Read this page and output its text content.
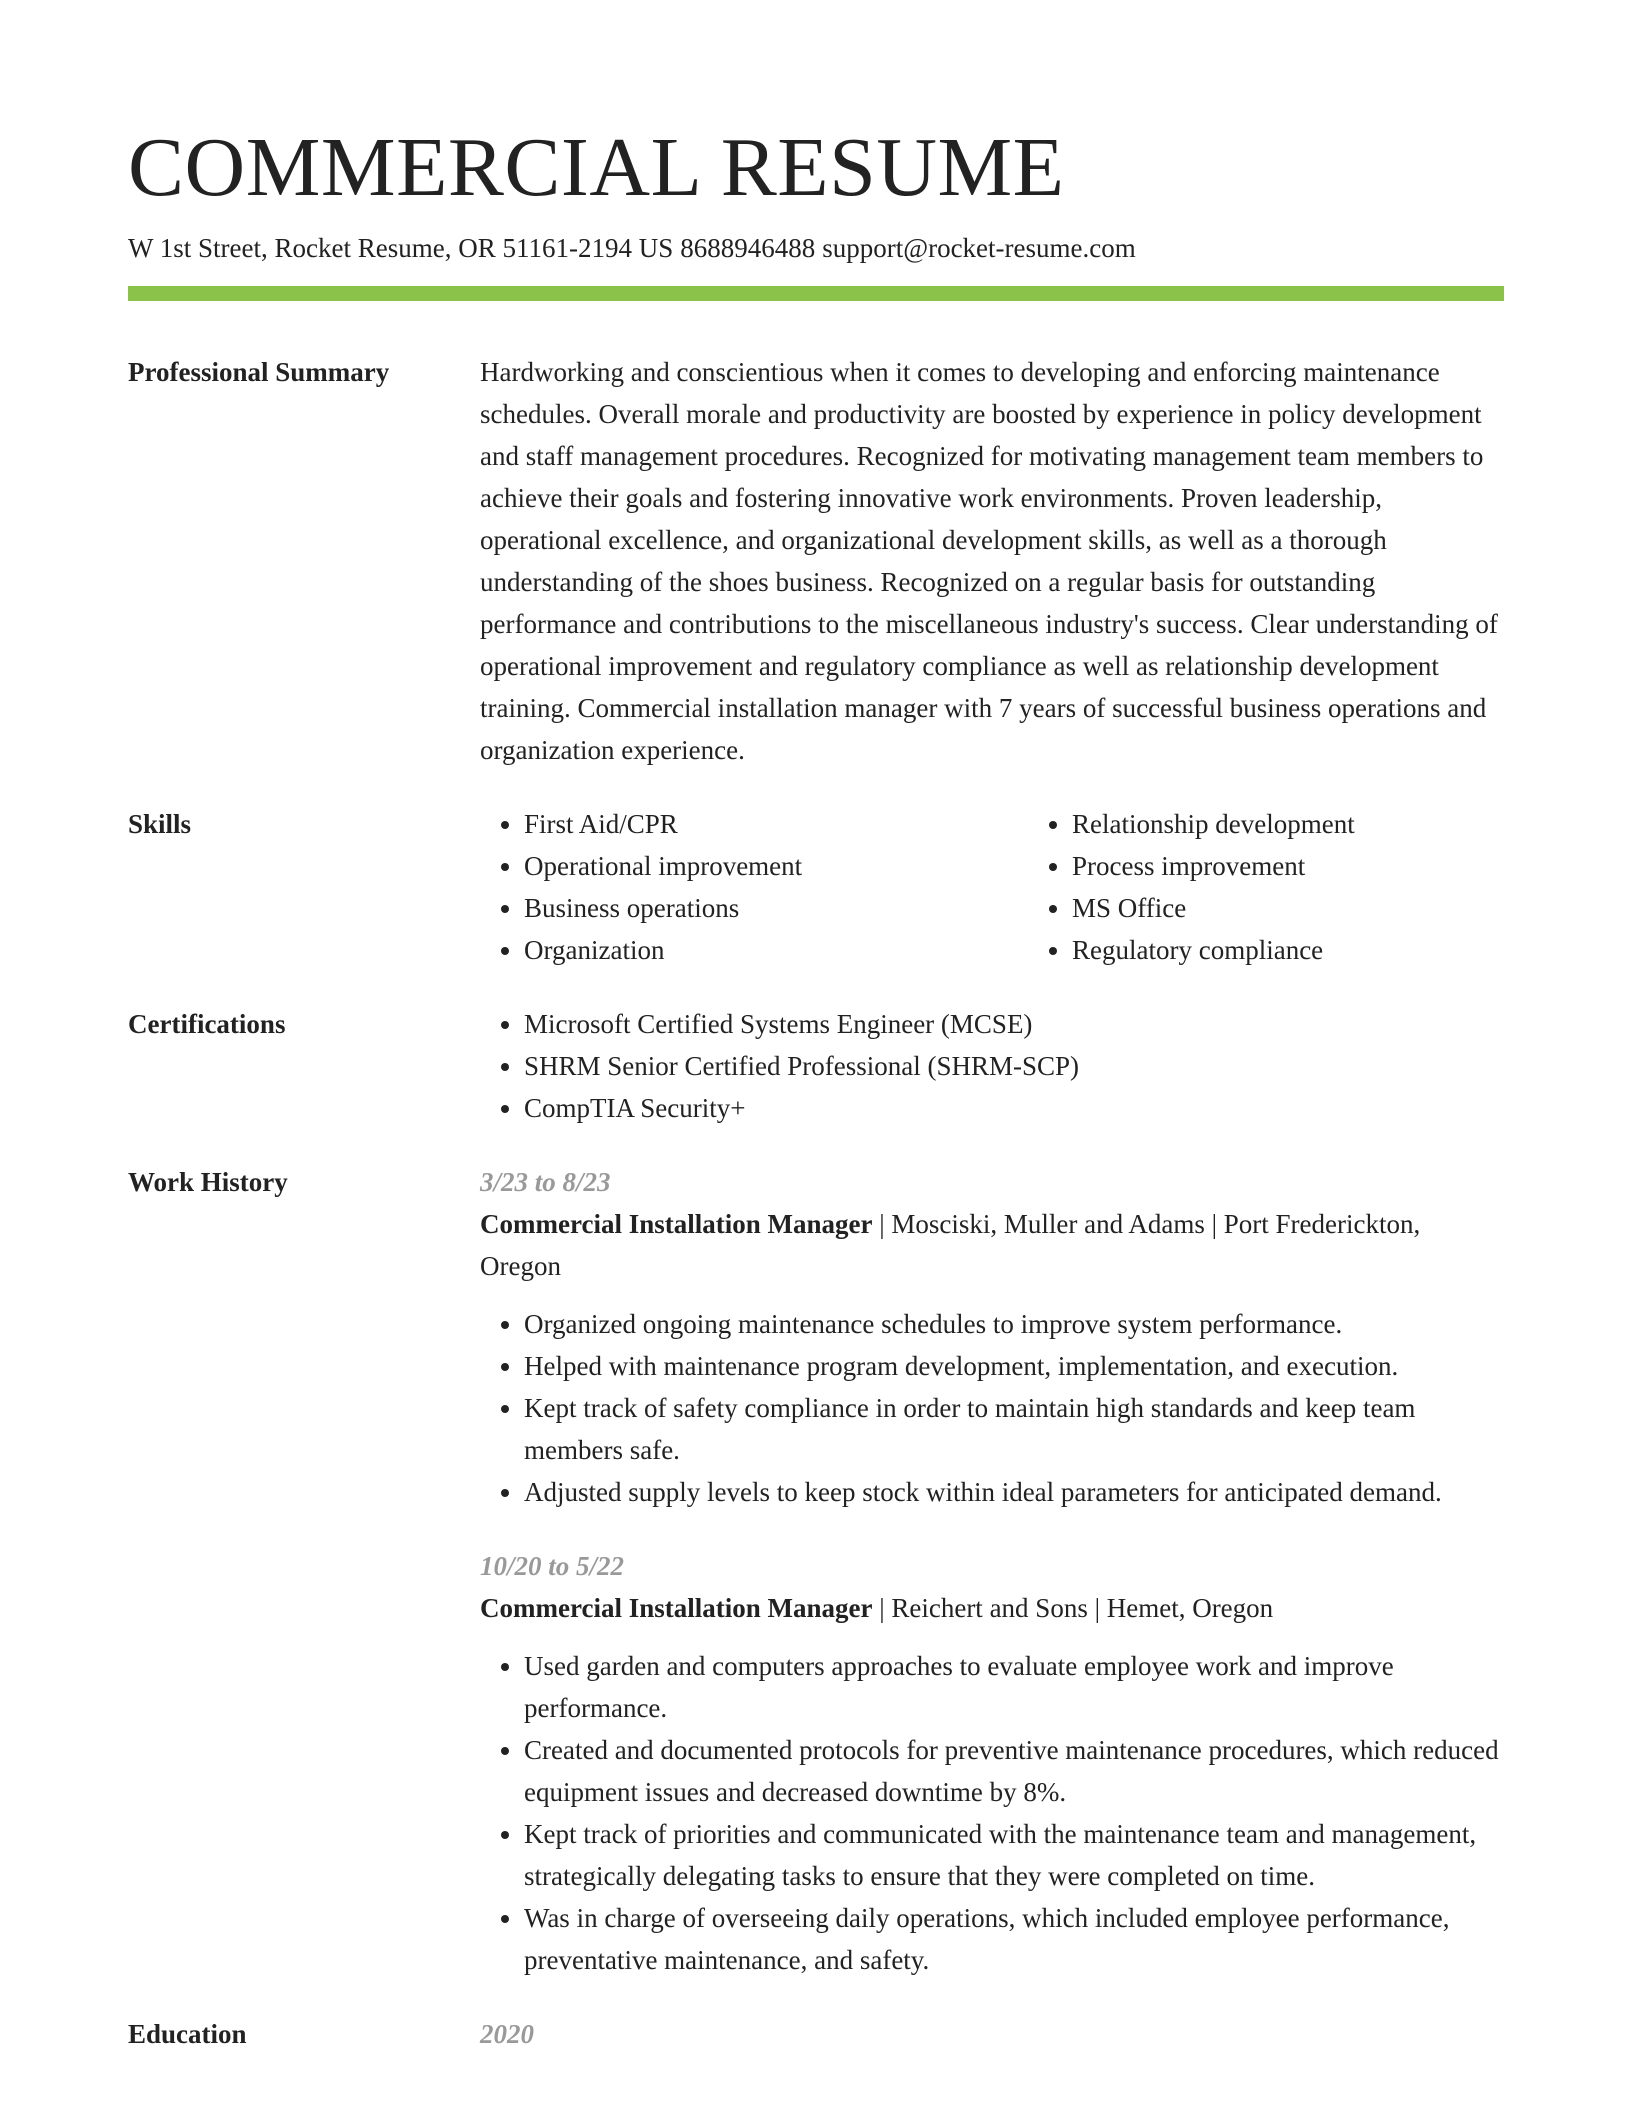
COMMERCIAL RESUME
W 1st Street, Rocket Resume, OR 51161-2194 US 8688946488 support@rocket-resume.com
Professional Summary	Hardworking and conscientious when it comes to developing and enforcing maintenance schedules. Overall morale and productivity are boosted by experience in policy development and staff management procedures. Recognized for motivating management team members to achieve their goals and fostering innovative work environments. Proven leadership, operational excellence, and organizational development skills, as well as a thorough understanding of the shoes business. Recognized on a regular basis for outstanding performance and contributions to the miscellaneous industry's success. Clear understanding of operational improvement and regulatory compliance as well as relationship development training. Commercial installation manager with 7 years of successful business operations and organization experience.

Skills	• First Aid/CPR
• Operational improvement
• Business operations
• Organization
• Relationship development
• Process improvement
• MS Office
• Regulatory compliance
Certifications	• Microsoft Certified Systems Engineer (MCSE)
• SHRM Senior Certified Professional (SHRM-SCP)
• CompTIA Security+
Work History	3/23 to 8/23
Commercial Installation Manager | Mosciski, Muller and Adams | Port Frederickton, Oregon
• Organized ongoing maintenance schedules to improve system performance.
• Helped with maintenance program development, implementation, and execution.
• Kept track of safety compliance in order to maintain high standards and keep team members safe.
• Adjusted supply levels to keep stock within ideal parameters for anticipated demand.
10/20 to 5/22
Commercial Installation Manager | Reichert and Sons | Hemet, Oregon
• Used garden and computers approaches to evaluate employee work and improve performance.
• Created and documented protocols for preventive maintenance procedures, which reduced equipment issues and decreased downtime by 8%.
• Kept track of priorities and communicated with the maintenance team and management, strategically delegating tasks to ensure that they were completed on time.
• Was in charge of overseeing daily operations, which included employee performance, preventative maintenance, and safety.
Education	2020
